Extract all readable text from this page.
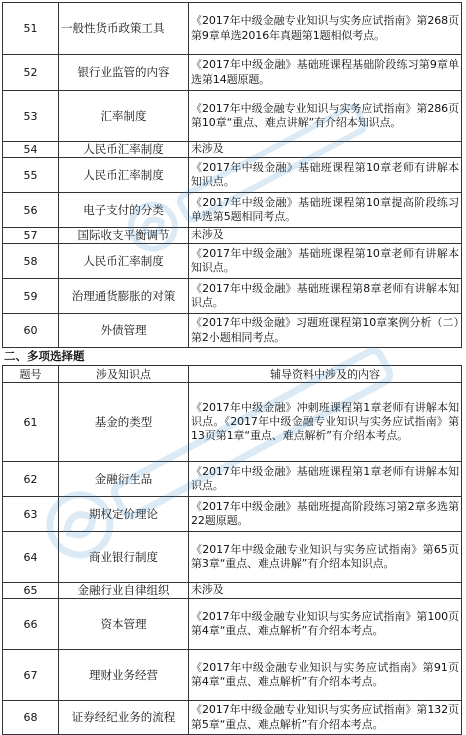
51	一般性货币政策工具	《2017年中级金融专业知识与实务应试指南》第268页第9章单选2016年真题第1题相似考点。
52	银行业监管的内容	《2017年中级金融》基础班课程基础阶段练习第9章单选第14题原题。
53	汇率制度	《2017年中级金融专业知识与实务应试指南》第286页第10章“重点、难点讲解”有介绍本知识点。
54	人民币汇率制度	未涉及
55	人民币汇率制度	《2017年中级金融》基础班课程第10章老师有讲解本知识点。
56	电子支付的分类	《2017年中级金融》基础班课程第10章提高阶段练习单选第5题相同考点。
57	国际收支平衡调节	未涉及
58	人民币汇率制度	《2017年中级金融》基础班课程第10章老师有讲解本知识点。
59	治理通货膨胀的对策	《2017年中级金融》基础班课程第8章老师有讲解本知识点。
60	外债管理	《2017年中级金融》习题班课程第10章案例分析（二）第2小题相同考点。
二、多项选择题
题号	涉及知识点	辅导资料中涉及的内容
61	基金的类型	《2017年中级金融》冲刺班课程第1章老师有讲解本知识点。《2017年中级金融专业知识与实务应试指南》第13页第1章“重点、难点解析”有介绍本考点。
62	金融衍生品	《2017年中级金融》基础班课程第1章老师有讲解本知识点。
63	期权定价理论	《2017年中级金融》基础班提高阶段练习第2章多选第22题原题。
64	商业银行制度	《2017年中级金融专业知识与实务应试指南》第65页第3章“重点、难点讲解”有介绍本知识点。
65	金融行业自律组织	未涉及
66	资本管理	《2017年中级金融专业知识与实务应试指南》第100页第4章“重点、难点解析”有介绍本考点。
67	理财业务经营	《2017年中级金融专业知识与实务应试指南》第91页第4章“重点、难点解析”有介绍本考点。
68	证券经纪业务的流程	《2017年中级金融专业知识与实务应试指南》第132页第5章“重点、难点解析”有介绍本考点。
